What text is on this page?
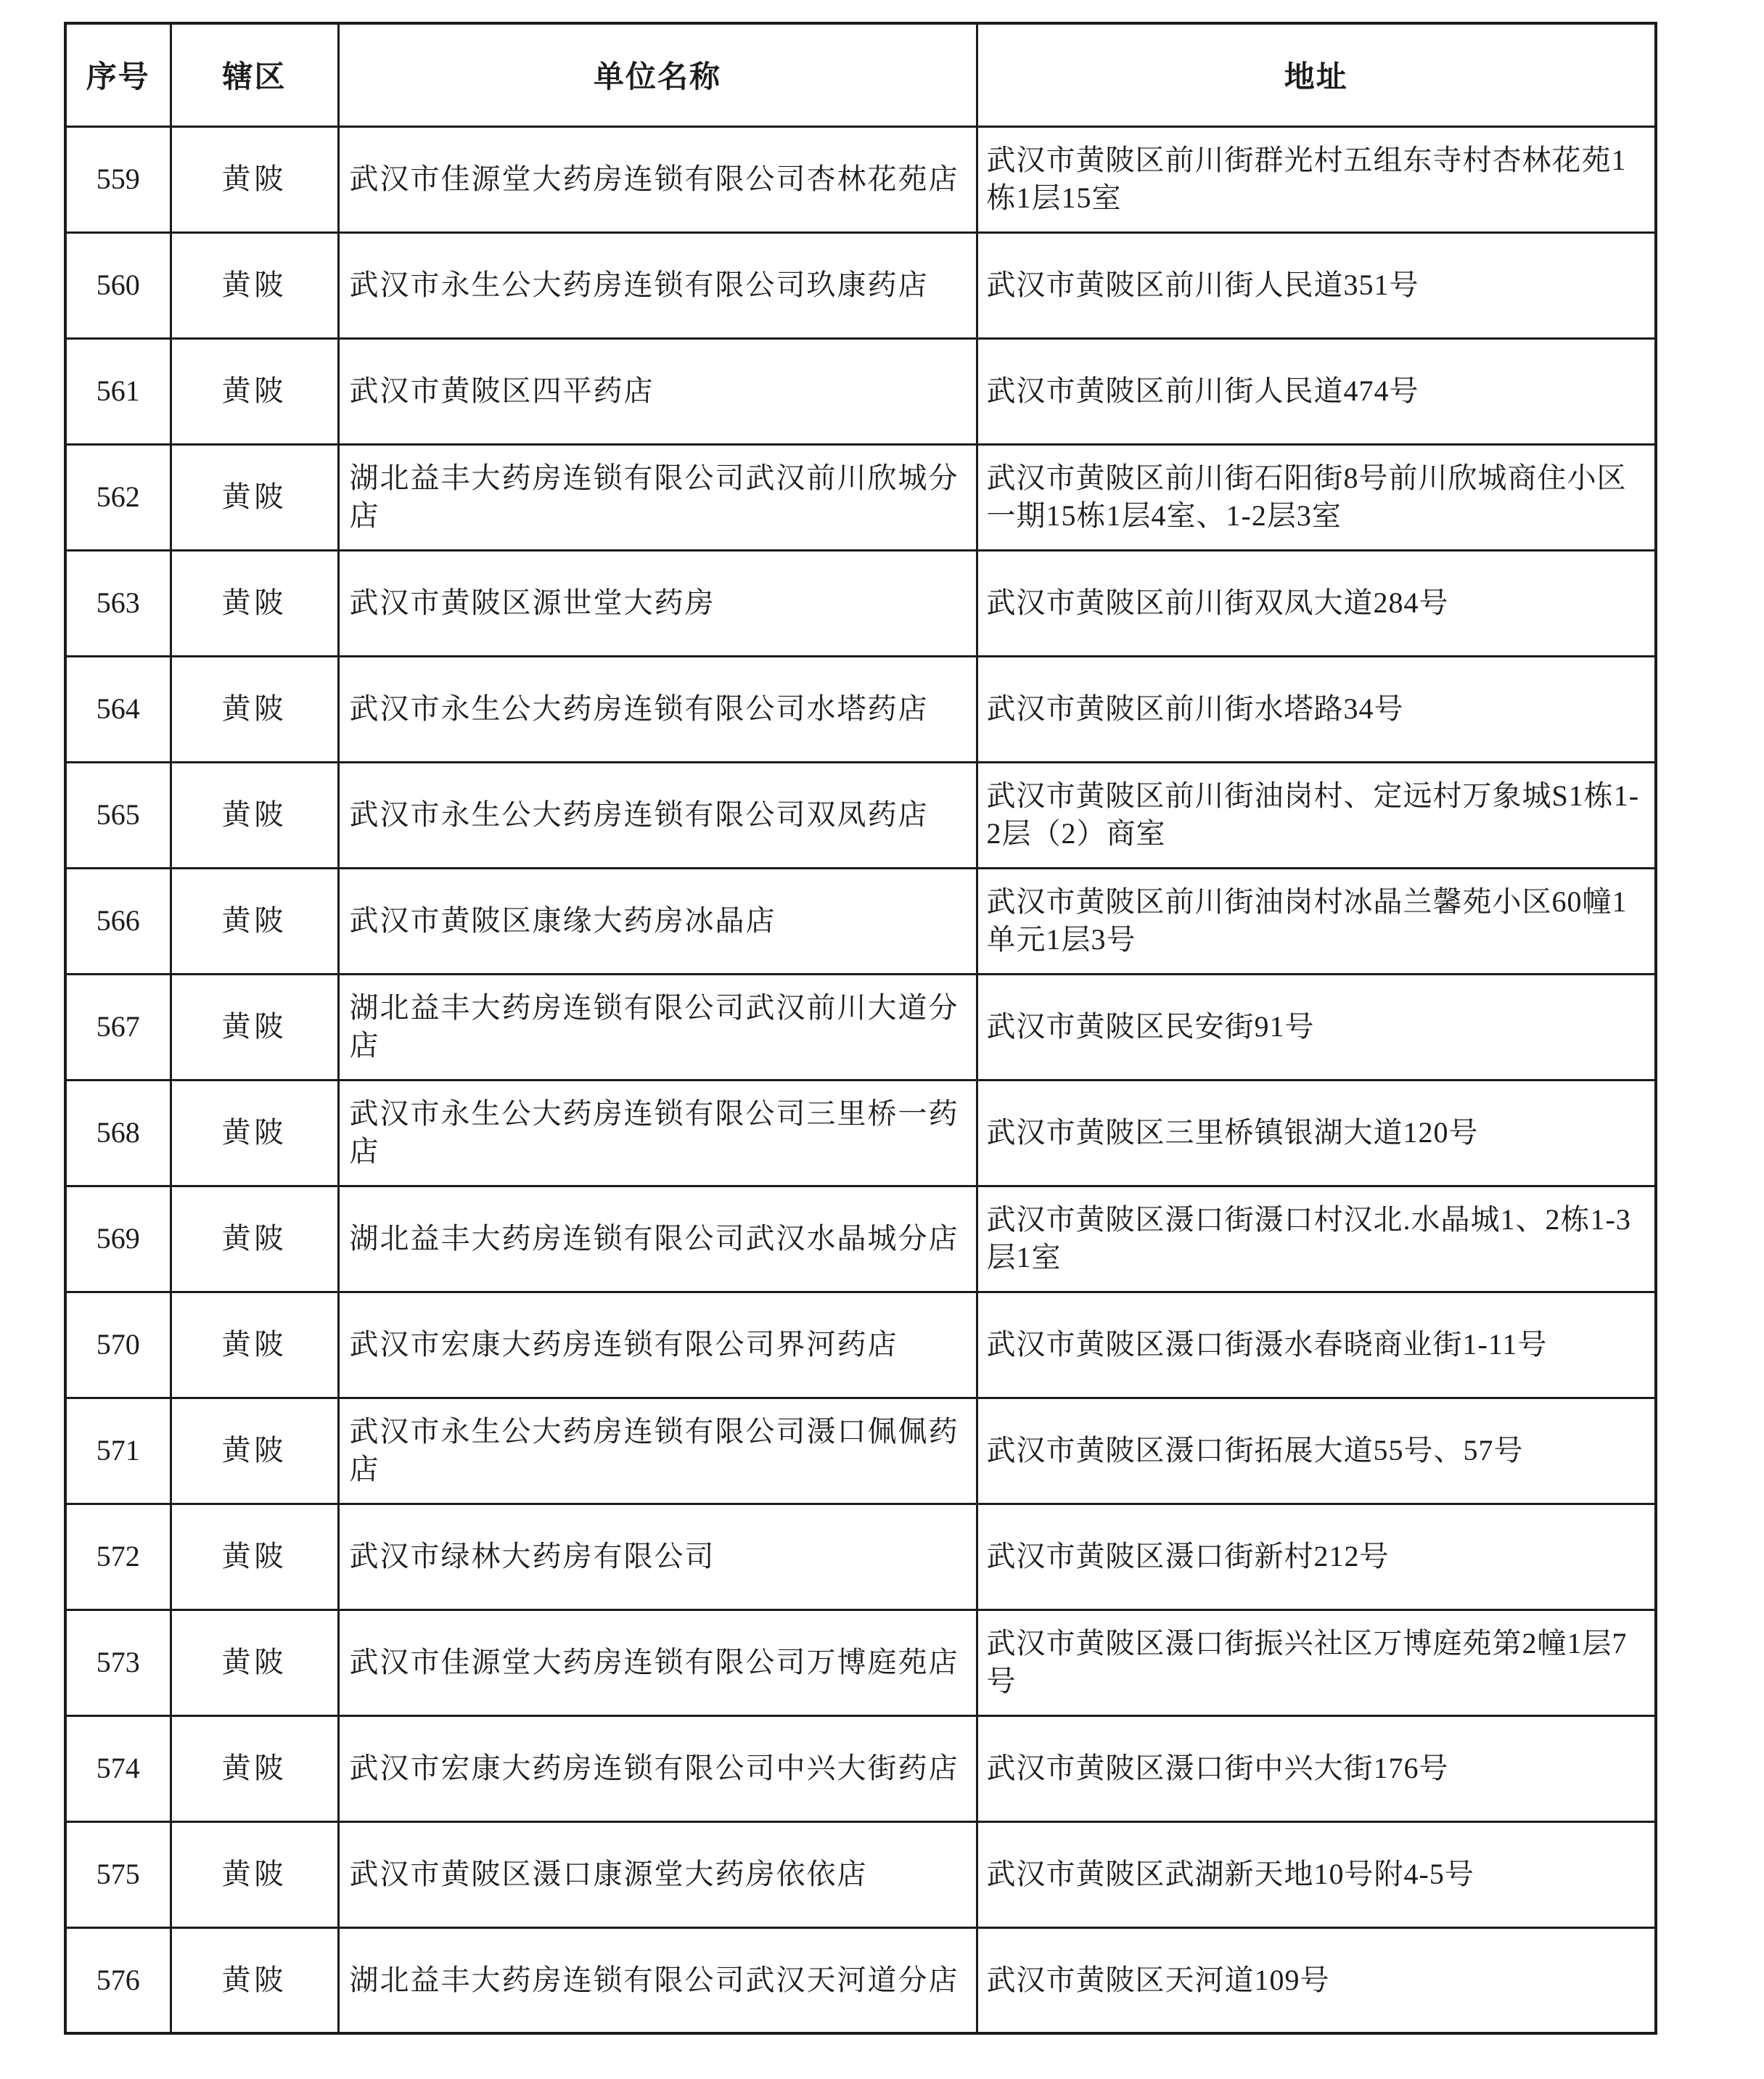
序号	辖区	单位名称	地址
559	黄陂	武汉市佳源堂大药房连锁有限公司杏林花苑店	武汉市黄陂区前川街群光村五组东寺村杏林花苑1栋1层15室
560	黄陂	武汉市永生公大药房连锁有限公司玖康药店	武汉市黄陂区前川街人民道351号
561	黄陂	武汉市黄陂区四平药店	武汉市黄陂区前川街人民道474号
562	黄陂	湖北益丰大药房连锁有限公司武汉前川欣城分店	武汉市黄陂区前川街石阳街8号前川欣城商住小区一期15栋1层4室、1-2层3室
563	黄陂	武汉市黄陂区源世堂大药房	武汉市黄陂区前川街双凤大道284号
564	黄陂	武汉市永生公大药房连锁有限公司水塔药店	武汉市黄陂区前川街水塔路34号
565	黄陂	武汉市永生公大药房连锁有限公司双凤药店	武汉市黄陂区前川街油岗村、定远村万象城S1栋1-2层（2）商室
566	黄陂	武汉市黄陂区康缘大药房冰晶店	武汉市黄陂区前川街油岗村冰晶兰馨苑小区60幢1单元1层3号
567	黄陂	湖北益丰大药房连锁有限公司武汉前川大道分店	武汉市黄陂区民安街91号
568	黄陂	武汉市永生公大药房连锁有限公司三里桥一药店	武汉市黄陂区三里桥镇银湖大道120号
569	黄陂	湖北益丰大药房连锁有限公司武汉水晶城分店	武汉市黄陂区滠口街滠口村汉北.水晶城1、2栋1-3层1室
570	黄陂	武汉市宏康大药房连锁有限公司界河药店	武汉市黄陂区滠口街滠水春晓商业街1-11号
571	黄陂	武汉市永生公大药房连锁有限公司滠口佩佩药店	武汉市黄陂区滠口街拓展大道55号、57号
572	黄陂	武汉市绿林大药房有限公司	武汉市黄陂区滠口街新村212号
573	黄陂	武汉市佳源堂大药房连锁有限公司万博庭苑店	武汉市黄陂区滠口街振兴社区万博庭苑第2幢1层7号
574	黄陂	武汉市宏康大药房连锁有限公司中兴大街药店	武汉市黄陂区滠口街中兴大街176号
575	黄陂	武汉市黄陂区滠口康源堂大药房依依店	武汉市黄陂区武湖新天地10号附4-5号
576	黄陂	湖北益丰大药房连锁有限公司武汉天河道分店	武汉市黄陂区天河道109号
